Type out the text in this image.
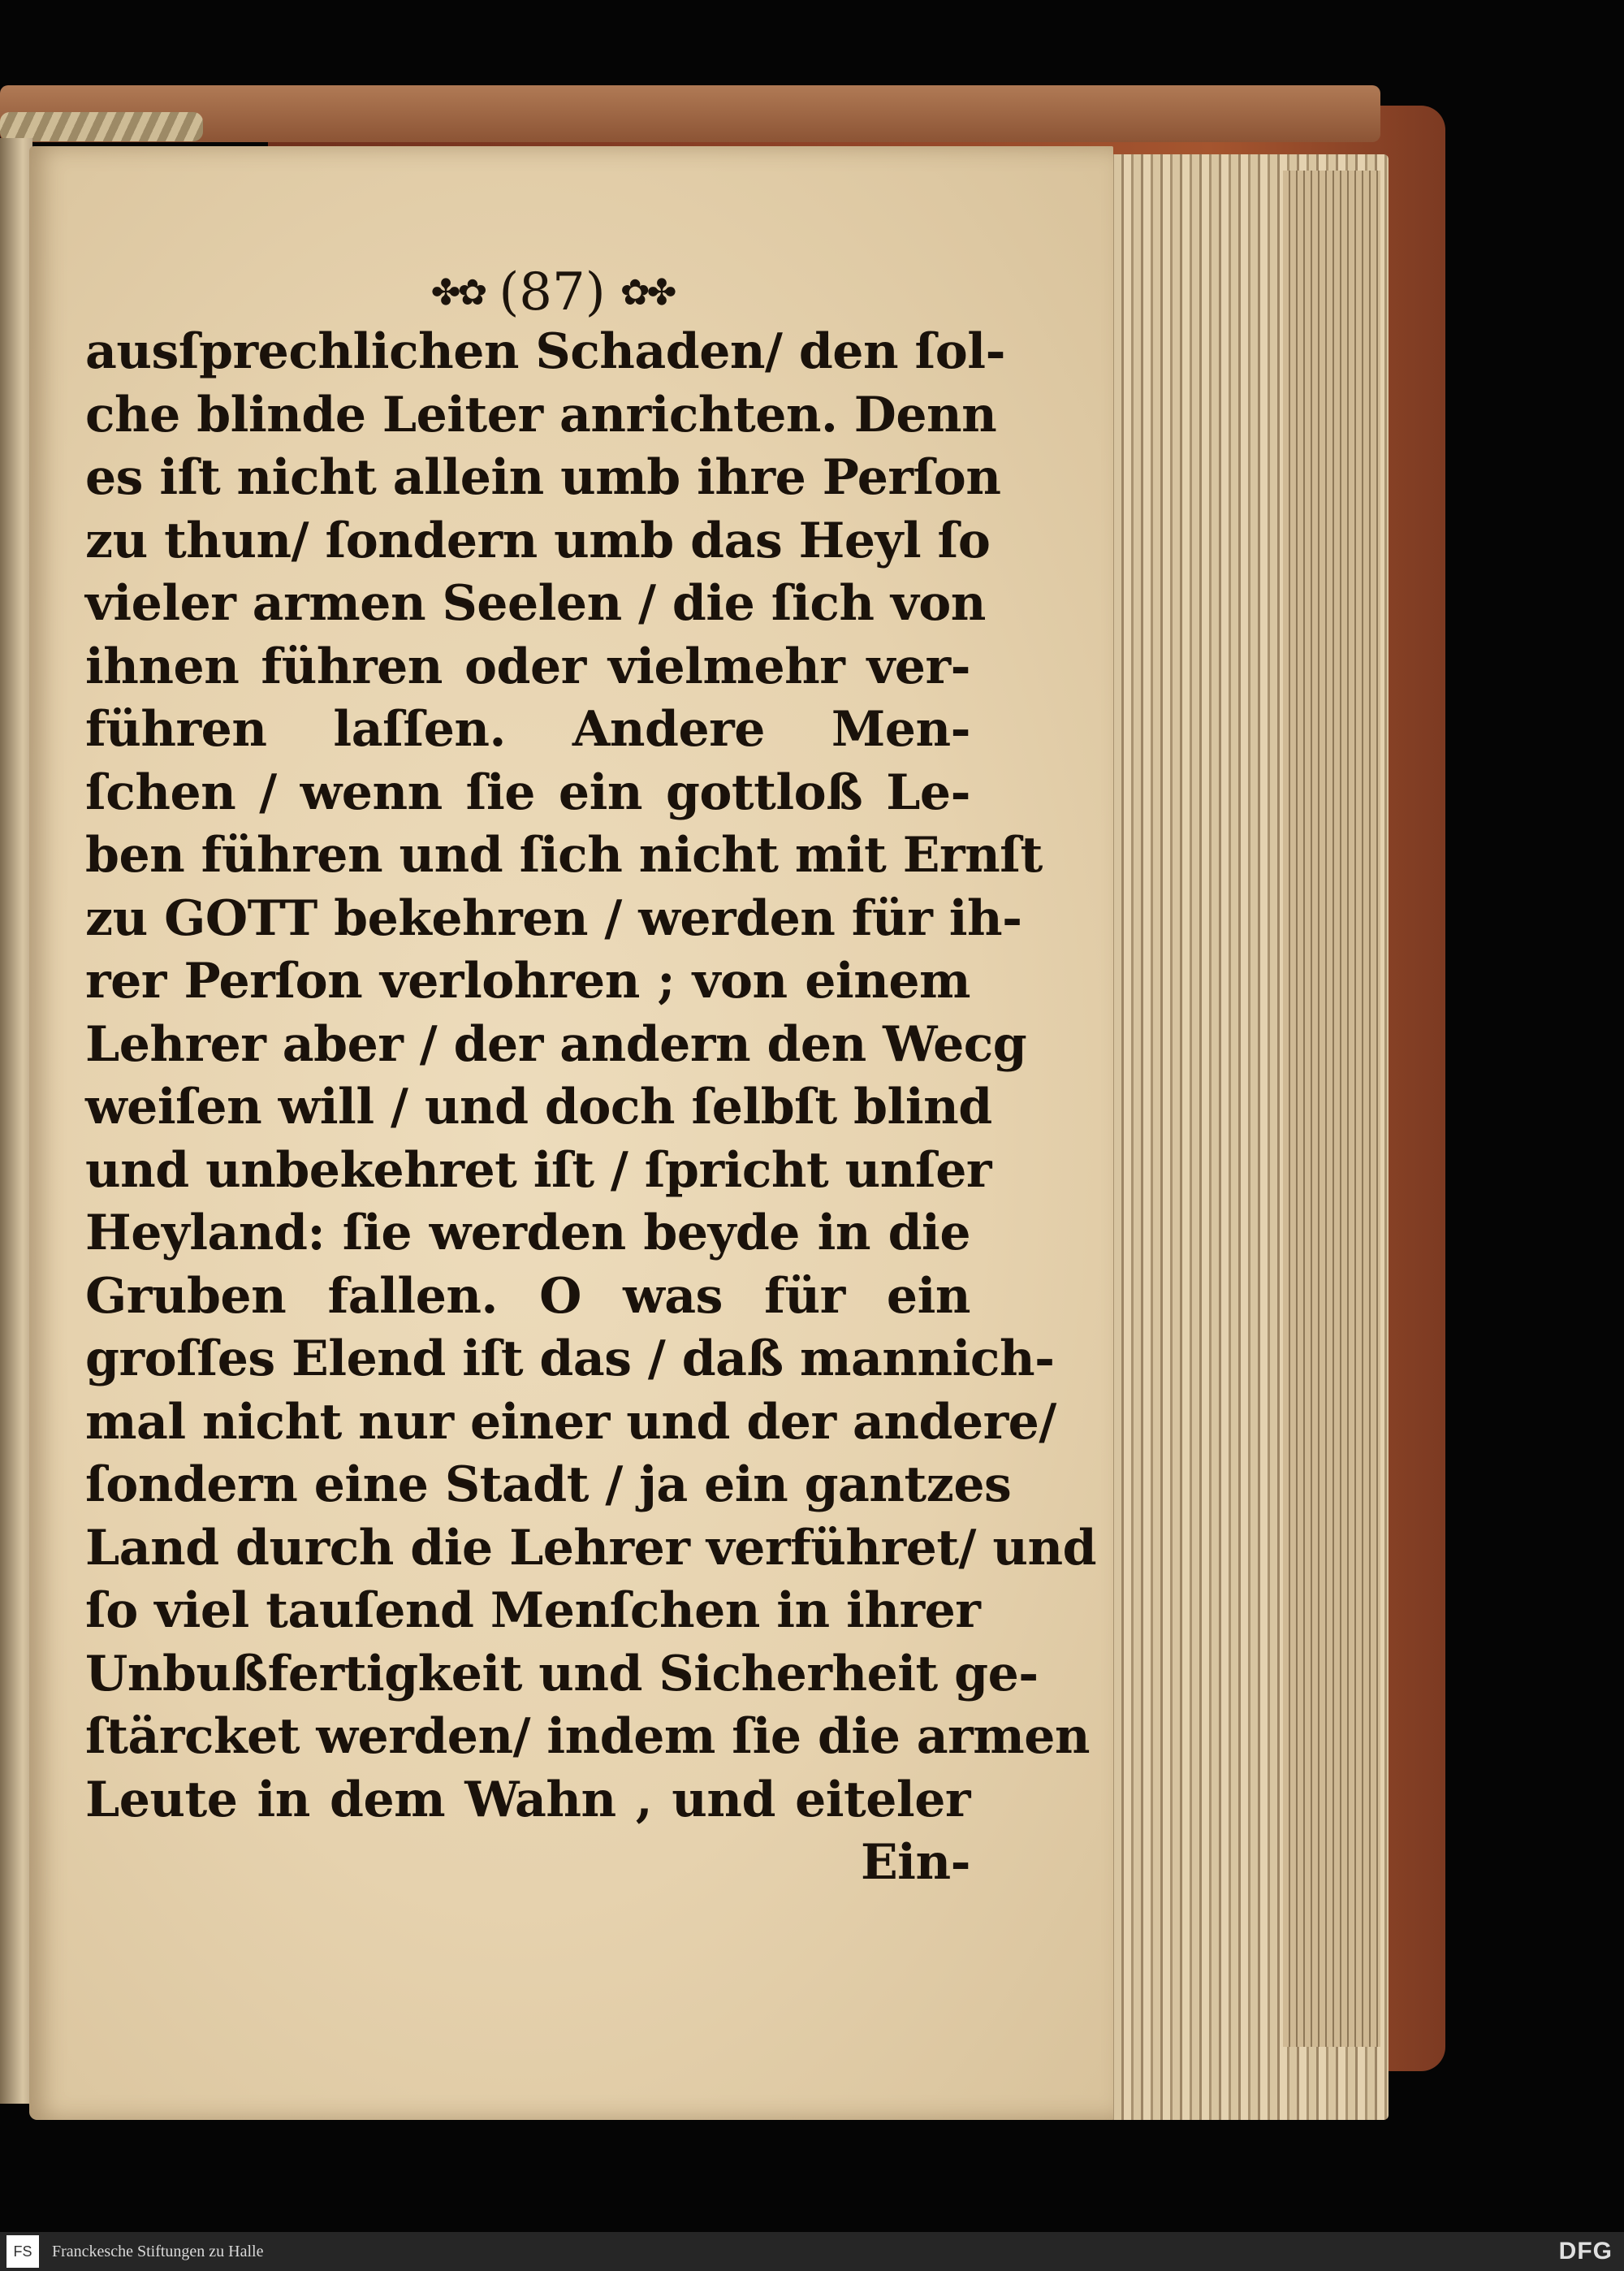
✤✿ (87) ✿✤
ausſprechlichen Schaden/ den ſol-
che blinde Leiter anrichten. Denn
es iſt nicht allein umb ihre Perſon
zu thun/ ſondern umb das Heyl ſo
vieler armen Seelen / die ſich von
ihnen führen oder vielmehr ver-
führen laſſen. Andere Men-
ſchen / wenn ſie ein gottloß Le-
ben führen und ſich nicht mit Ernſt
zu GOTT bekehren / werden für ih-
rer Perſon verlohren ; von einem
Lehrer aber / der andern den Wecg
weiſen will / und doch ſelbſt blind
und unbekehret iſt / ſpricht unſer
Heyland: ſie werden beyde in die
Gruben fallen. O was für ein
groſſes Elend iſt das / daß mannich-
mal nicht nur einer und der andere/
ſondern eine Stadt / ja ein gantzes
Land durch die Lehrer verführet/ und
ſo viel tauſend Menſchen in ihrer
Unbußfertigkeit und Sicherheit ge-
ſtärcket werden/ indem ſie die armen
Leute in dem Wahn , und eiteler
Ein-
FS Franckesche Stiftungen zu Halle	DFG
